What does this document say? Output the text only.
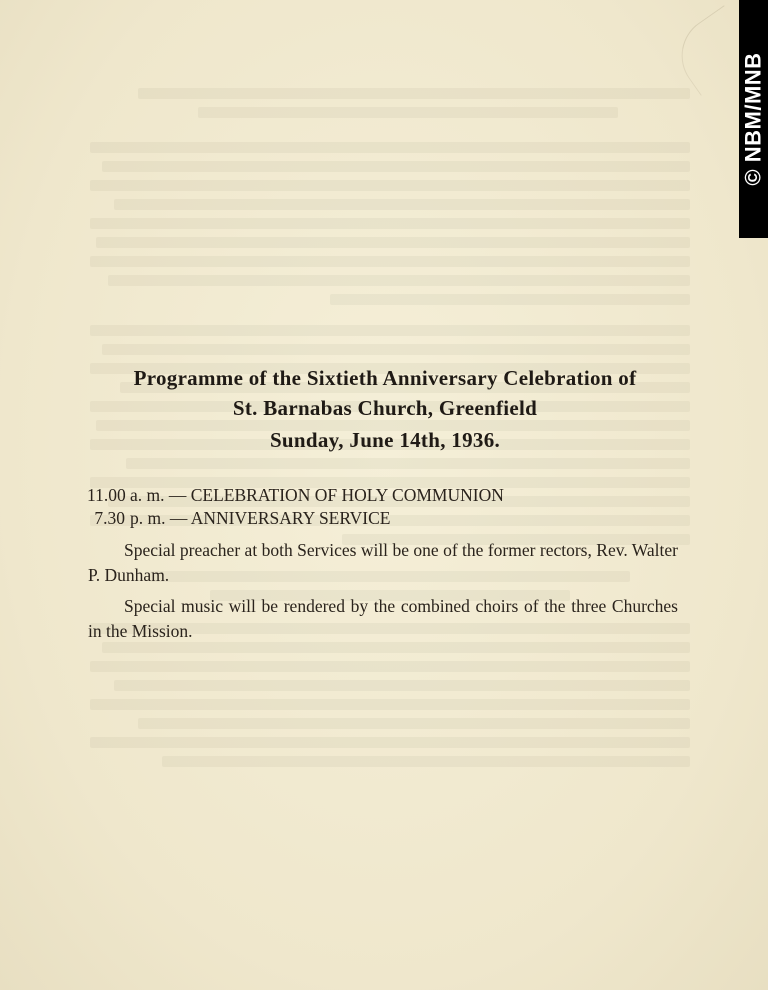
Programme of the Sixtieth Anniversary Celebration of
St. Barnabas Church, Greenfield
Sunday, June 14th, 1936.
11.00 a. m. — CELEBRATION OF HOLY COMMUNION
7.30 p. m. — ANNIVERSARY SERVICE
Special preacher at both Services will be one of the former rectors, Rev. Walter P. Dunham.
Special music will be rendered by the combined choirs of the three Churches in the Mission.
© NBM/MNB
